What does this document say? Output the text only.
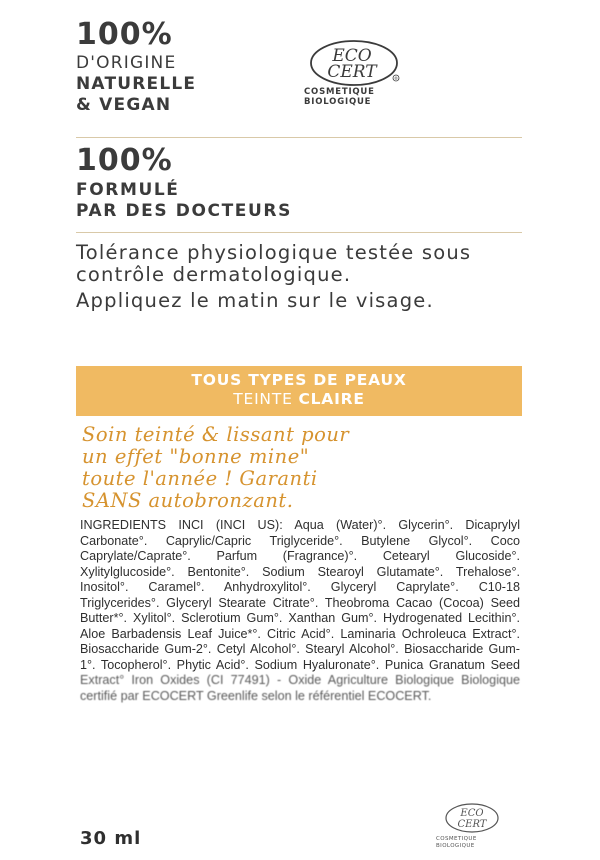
100%
D'ORIGINE
NATURELLE
& VEGAN
ECO
CERT	®
COSMETIQUE
BIOLOGIQUE
100%
FORMULÉ
PAR DES DOCTEURS
Tolérance physiologique testée sous contrôle dermatologique.
Appliquez le matin sur le visage.
TOUS TYPES DE PEAUX
TEINTE CLAIRE
Soin teinté & lissant pour
un effet "bonne mine"
toute l'année ! Garanti
SANS autobronzant.
INGREDIENTS INCI (INCI US): Aqua (Water)°. Glycerin°. Dicaprylyl Carbonate°. Caprylic/Capric Triglyceride°. Butylene Glycol°. Coco Caprylate/Caprate°. Parfum (Fragrance)°. Cetearyl Glucoside°. Xylitylglucoside°. Bentonite°. Sodium Stearoyl Glutamate°. Trehalose°. Inositol°. Caramel°. Anhydroxylitol°. Glyceryl Caprylate°. C10-18 Triglycerides°. Glyceryl Stearate Citrate°. Theobroma Cacao (Cocoa) Seed Butter*°. Xylitol°. Sclerotium Gum°. Xanthan Gum°. Hydrogenated Lecithin°. Aloe Barbadensis Leaf Juice*°. Citric Acid°. Laminaria Ochroleuca Extract°. Biosaccharide Gum-2°. Cetyl Alcohol°. Stearyl Alcohol°. Biosaccharide Gum-1°. Tocopherol°. Phytic Acid°. Sodium Hyaluronate°. Punica Granatum Seed Extract° Iron Oxides (CI 77491) - Oxide Agriculture Biologique Biologique certifié par ECOCERT Greenlife selon le référentiel ECOCERT.
30 ml
ECO
CERT
COSMETIQUE
BIOLOGIQUE
